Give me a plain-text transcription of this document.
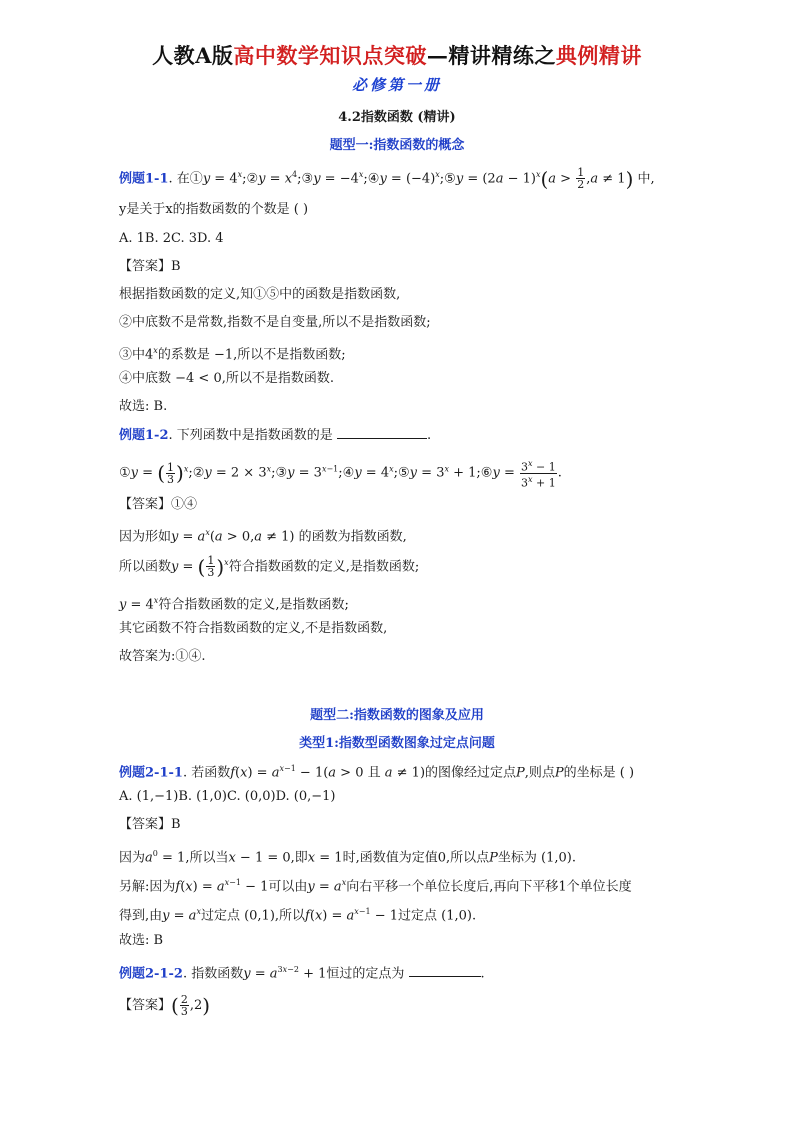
人教A版高中数学知识点突破—精讲精练之典例精讲
必修第一册
4.2指数函数 (精讲)
题型一:指数函数的概念
例题1-1. 在①y = $4^x;②y$ = $x^4;③y$ = $-4^x;④y$ = $(-4)^x;⑤y = (2a - 1)^x(a > \frac{1}{2} ,a \ne 1)$ 中,
y是关于x的指数函数的个数是 ( )
A. 1B. 2C. 3D. 4
【答案】B
根据指数函数的定义,知①⑤中的函数是指数函数,
②中底数不是常数,指数不是自变量,所以不是指数函数;
③中4$^x$的系数是 −1,所以不是指数函数;
④中底数 −4 < 0,所以不是指数函数.
故选: B.
例题1-2. 下列函数中是指数函数的是	.
①y = ( $\frac{1}{3}$ )$^x$;②y = $2 \times 3^x;③y$ = $3^{x-1};④y$ = $4^x;⑤y = 3^x$ + 1;⑥y = $\frac{3^x - 1}{3^x + 1}$ .
【答案】①④
因为形如$y = a^x(a > 0,a \ne 1)$ 的函数为指数函数,
所以函数y = ( $\frac{1}{3} )^x$符合指数函数的定义,是指数函数;
$y = 4^x$符合指数函数的定义,是指数函数;
其它函数不符合指数函数的定义,不是指数函数,
故答案为:①④.
题型二:指数函数的图象及应用
类型1:指数型函数图象过定点问题
例题2-1-1. 若函数$f(x) = a^{x-1} - 1(a > 0$ 且 a ≠ 1)的图像经过定点P,则点P的坐标是 ( )
A. (1,−1)B. (1,0)C. (0,0)D. (0,−1)
【答案】B
因为$a^0 = 1$,所以当x − 1 = 0,即x = 1时,函数值为定值0,所以点P坐标为 (1,0).
另解:因为$f(x) = a^{x-1} - 1$可以由$y = a^x$向右平移一个单位长度后,再向下平移1个单位长度
得到,由$y = a^x$过定点 (0,1),所以$f(x) = a^{x-1} - 1$过定点 (1,0).
故选: B
例题2-1-2. 指数函数$y = a^{3x-2} + 1$恒过的定点为	.
【答案】( $\frac{2}{3} ,2$)
